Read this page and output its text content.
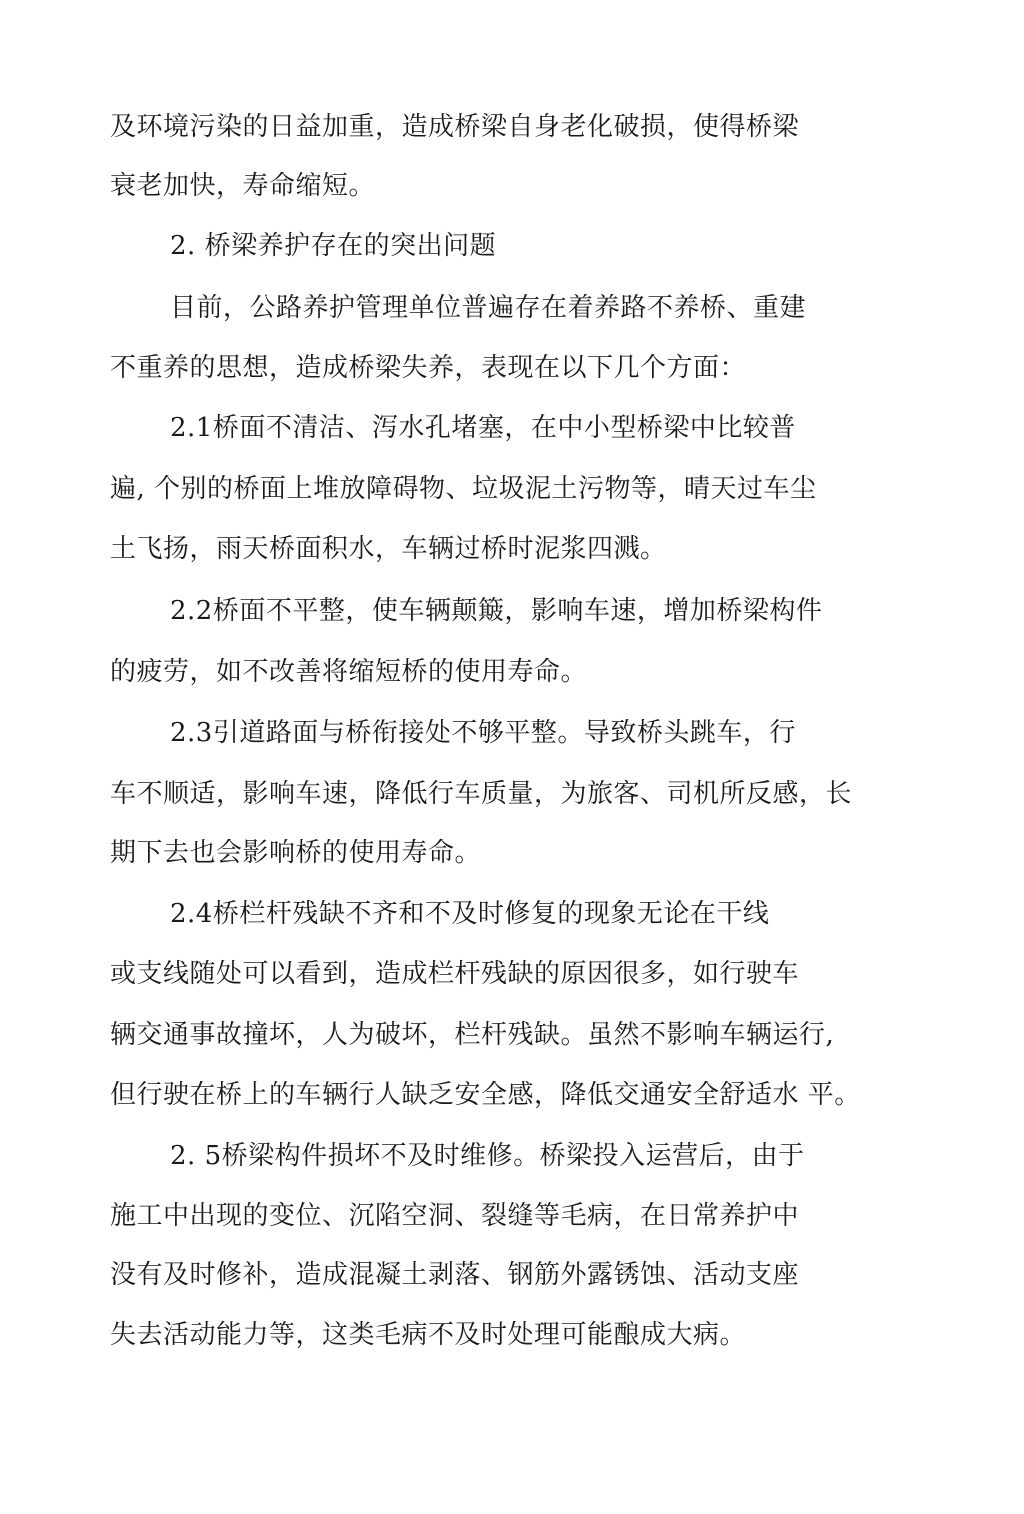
及环境污染的日益加重，造成桥梁自身老化破损，使得桥梁
衰老加快，寿命缩短。
2. 桥梁养护存在的突出问题
目前，公路养护管理单位普遍存在着养路不养桥、重建
不重养的思想，造成桥梁失养，表现在以下几个方面：
2.1桥面不清洁、泻水孔堵塞，在中小型桥梁中比较普
遍, 个别的桥面上堆放障碍物、垃圾泥土污物等，晴天过车尘
土飞扬，雨天桥面积水，车辆过桥时泥浆四溅。
2.2桥面不平整，使车辆颠簸，影响车速，增加桥梁构件
的疲劳，如不改善将缩短桥的使用寿命。
2.3引道路面与桥衔接处不够平整。导致桥头跳车，行
车不顺适，影响车速，降低行车质量，为旅客、司机所反感，长
期下去也会影响桥的使用寿命。
2.4桥栏杆残缺不齐和不及时修复的现象无论在干线
或支线随处可以看到，造成栏杆残缺的原因很多，如行驶车
辆交通事故撞坏，人为破坏，栏杆残缺。虽然不影响车辆运行,
但行驶在桥上的车辆行人缺乏安全感，降低交通安全舒适水 平。
2. 5桥梁构件损坏不及时维修。桥梁投入运营后，由于
施工中出现的变位、沉陷空洞、裂缝等毛病，在日常养护中
没有及时修补，造成混凝土剥落、钢筋外露锈蚀、活动支座
失去活动能力等，这类毛病不及时处理可能酿成大病。
